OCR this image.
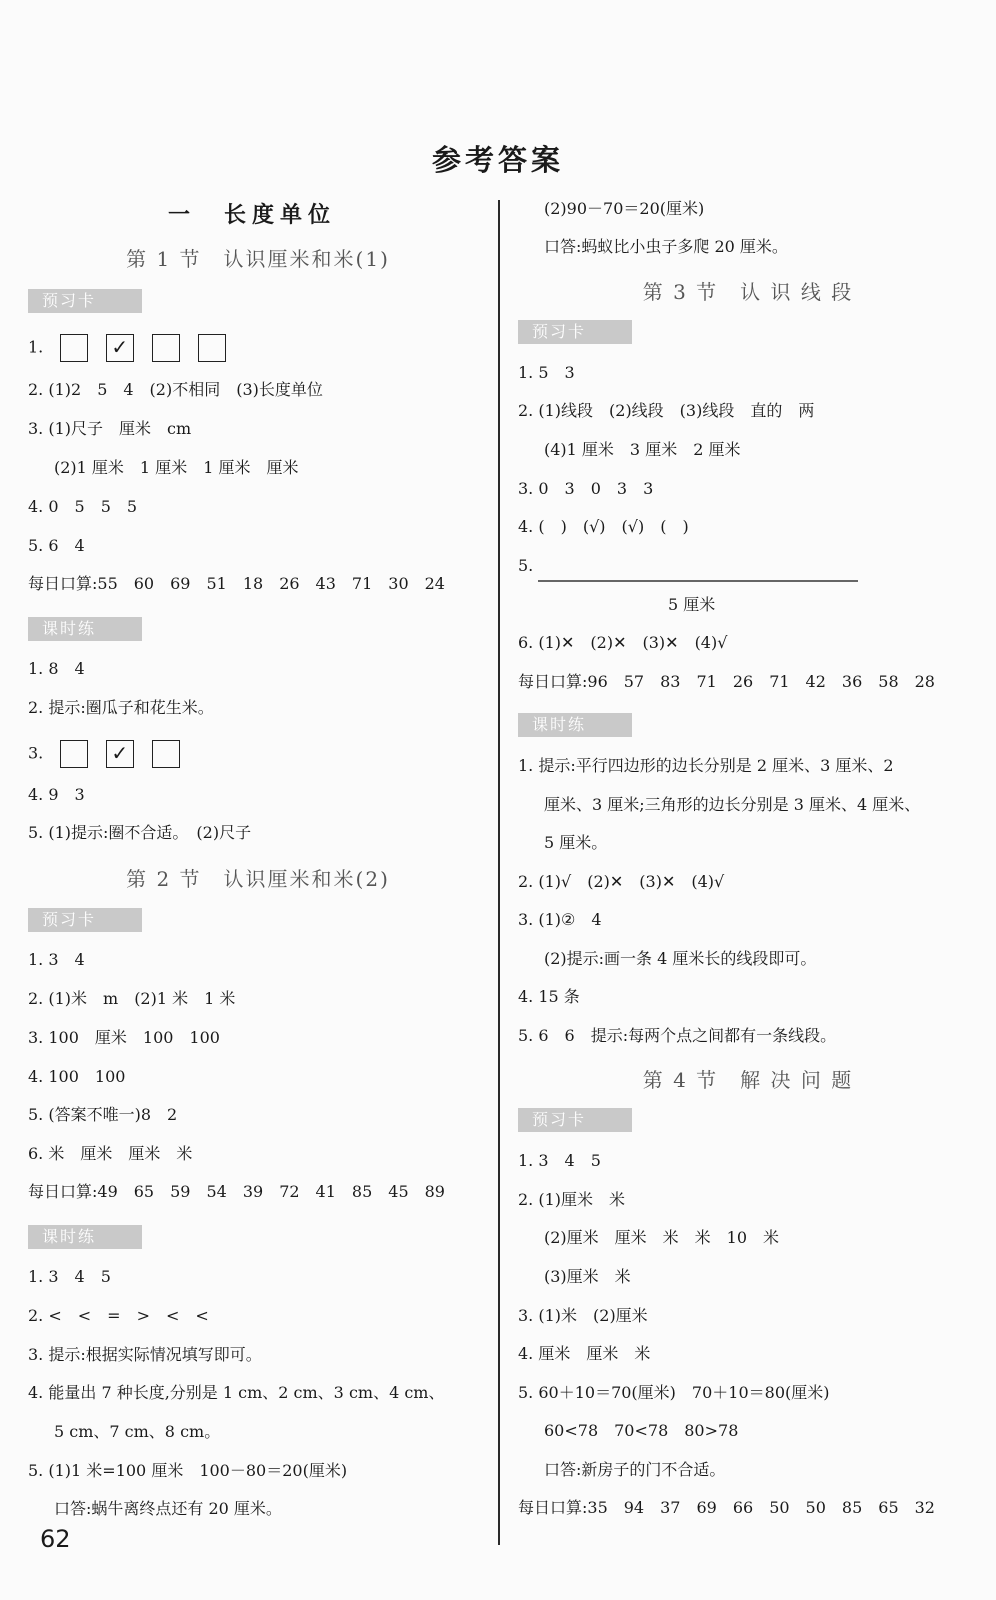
参考答案
一　长度单位
第 1 节　认识厘米和米(1)
预习卡
1. ✓
2. (1)2　5　4　(2)不相同　(3)长度单位
3. (1)尺子　厘米　cm
(2)1 厘米　1 厘米　1 厘米　厘米
4. 0　5　5　5
5. 6　4
每日口算:55　60　69　51　18　26　43　71　30　24
课时练
1. 8　4
2. 提示:圈瓜子和花生米。
3. ✓
4. 9　3
5. (1)提示:圈不合适。　(2)尺子
第 2 节　认识厘米和米(2)
预习卡
1. 3　4
2. (1)米　m　(2)1 米　1 米
3. 100　厘米　100　100
4. 100　100
5. (答案不唯一)8　2
6. 米　厘米　厘米　米
每日口算:49　65　59　54　39　72　41　85　45　89
课时练
1. 3　4　5
2. <　<　=　>　<　<
3. 提示:根据实际情况填写即可。
4. 能量出 7 种长度,分别是 1 cm、2 cm、3 cm、4 cm、
5 cm、7 cm、8 cm。
5. (1)1 米=100 厘米　100－80＝20(厘米)
口答:蜗牛离终点还有 20 厘米。
(2)90－70＝20(厘米)
口答:蚂蚁比小虫子多爬 20 厘米。
第 3 节　认 识 线 段
预习卡
1. 5　3
2. (1)线段　(2)线段　(3)线段　直的　两
(4)1 厘米　3 厘米　2 厘米
3. 0　3　0　3　3
4. (　)　(√)　(√)　(　)
5.
5 厘米
6. (1)✕　(2)✕　(3)✕　(4)√
每日口算:96　57　83　71　26　71　42　36　58　28
课时练
1. 提示:平行四边形的边长分别是 2 厘米、3 厘米、2
厘米、3 厘米;三角形的边长分别是 3 厘米、4 厘米、
5 厘米。
2. (1)√　(2)✕　(3)✕　(4)√
3. (1)②　4
(2)提示:画一条 4 厘米长的线段即可。
4. 15 条
5. 6　6　提示:每两个点之间都有一条线段。
第 4 节　解 决 问 题
预习卡
1. 3　4　5
2. (1)厘米　米
(2)厘米　厘米　米　米　10　米
(3)厘米　米
3. (1)米　(2)厘米
4. 厘米　厘米　米
5. 60＋10＝70(厘米)　70＋10＝80(厘米)
60<78　70<78　80>78
口答:新房子的门不合适。
每日口算:35　94　37　69　66　50　50　85　65　32
62
